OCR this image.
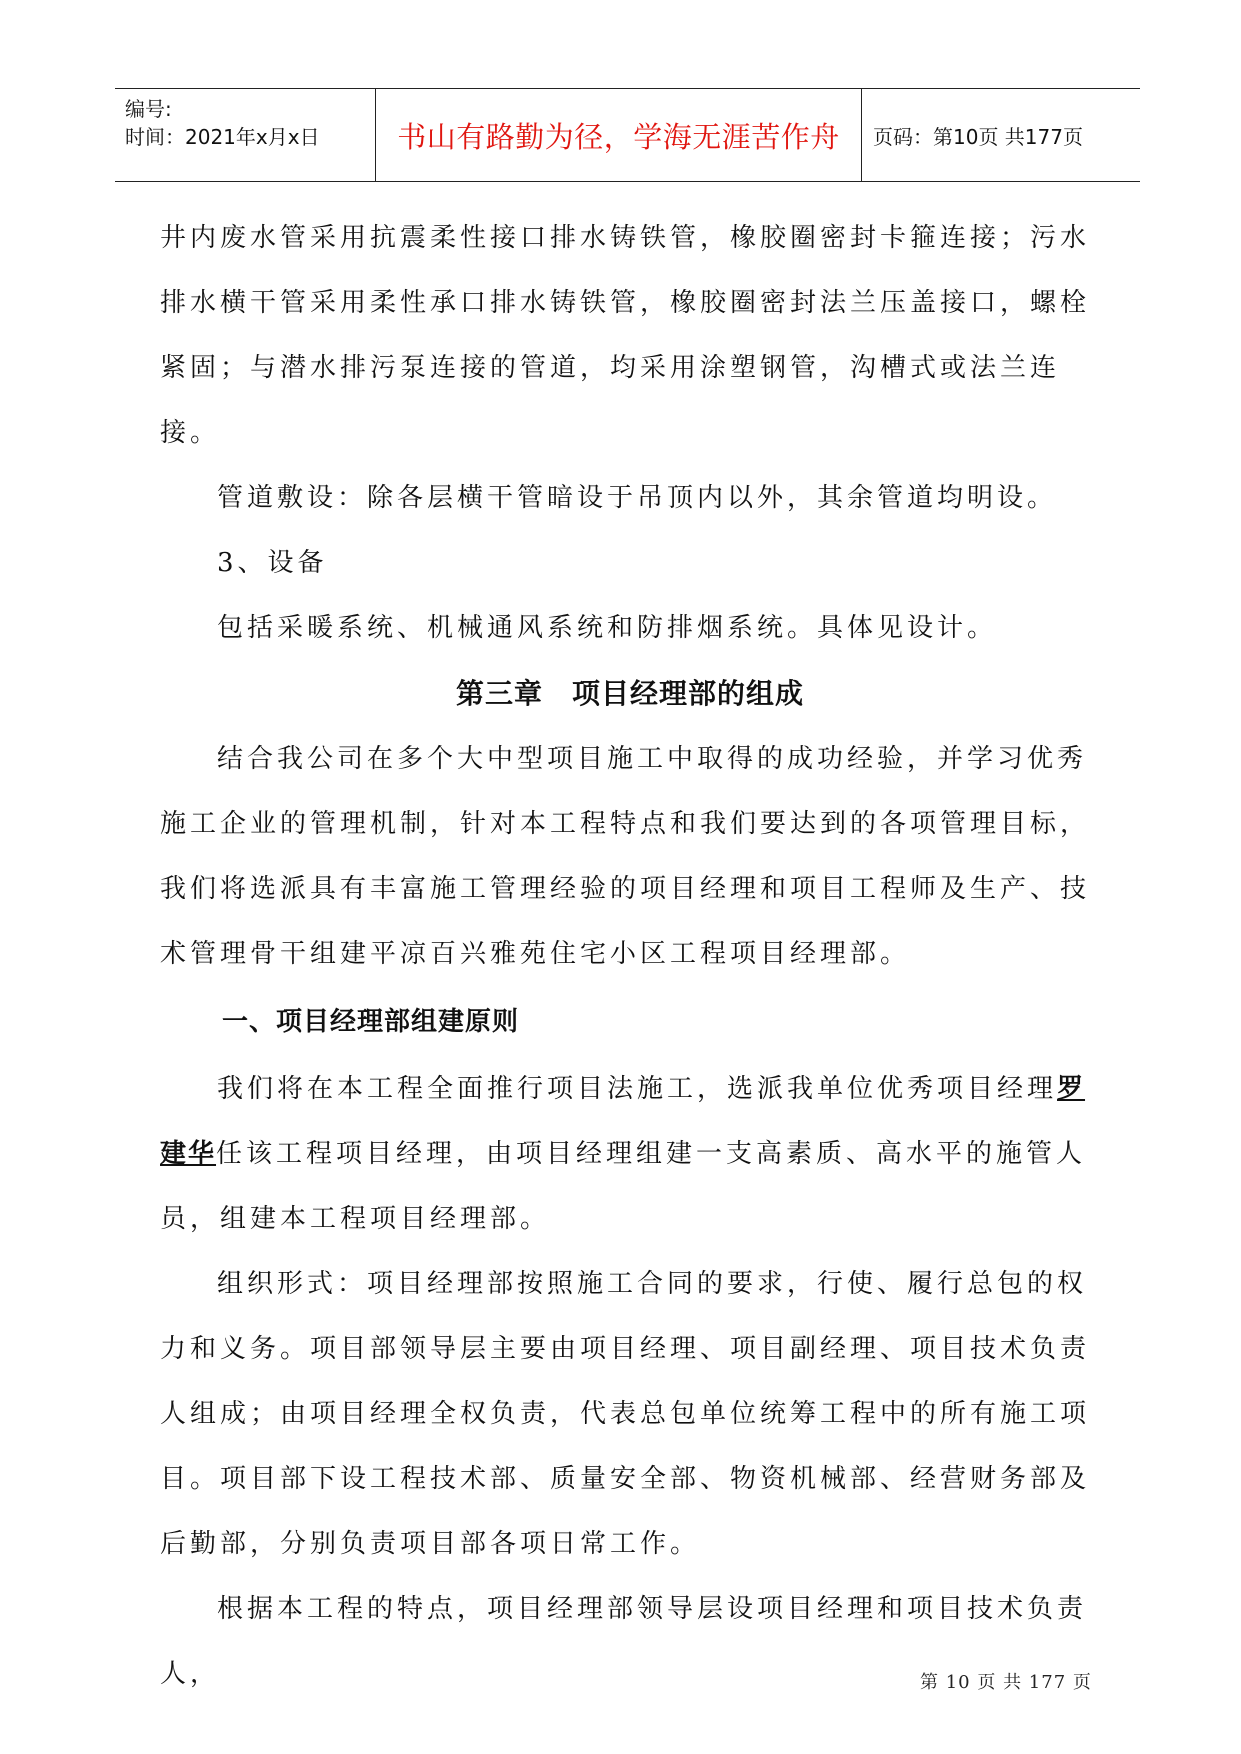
编号:
时间：2021年x月x日	书山有路勤为径，学海无涯苦作舟 页码：第10页 共177页

井内废水管采用抗震柔性接口排水铸铁管，橡胶圈密封卡箍连接；污水排水横干管采用柔性承口排水铸铁管，橡胶圈密封法兰压盖接口，螺栓紧固；与潜水排污泵连接的管道，均采用涂塑钢管，沟槽式或法兰连接。

管道敷设：除各层横干管暗设于吊顶内以外，其余管道均明设。

3、设备

包括采暖系统、机械通风系统和防排烟系统。具体见设计。

第三章　项目经理部的组成

结合我公司在多个大中型项目施工中取得的成功经验，并学习优秀施工企业的管理机制，针对本工程特点和我们要达到的各项管理目标，我们将选派具有丰富施工管理经验的项目经理和项目工程师及生产、技术管理骨干组建平凉百兴雅苑住宅小区工程项目经理部。

一、项目经理部组建原则

我们将在本工程全面推行项目法施工，选派我单位优秀项目经理罗建华任该工程项目经理，由项目经理组建一支高素质、高水平的施管人员，组建本工程项目经理部。

组织形式：项目经理部按照施工合同的要求，行使、履行总包的权力和义务。项目部领导层主要由项目经理、项目副经理、项目技术负责人组成；由项目经理全权负责，代表总包单位统筹工程中的所有施工项目。项目部下设工程技术部、质量安全部、物资机械部、经营财务部及后勤部，分别负责项目部各项日常工作。

根据本工程的特点，项目经理部领导层设项目经理和项目技术负责人，	第 10 页 共 177 页
